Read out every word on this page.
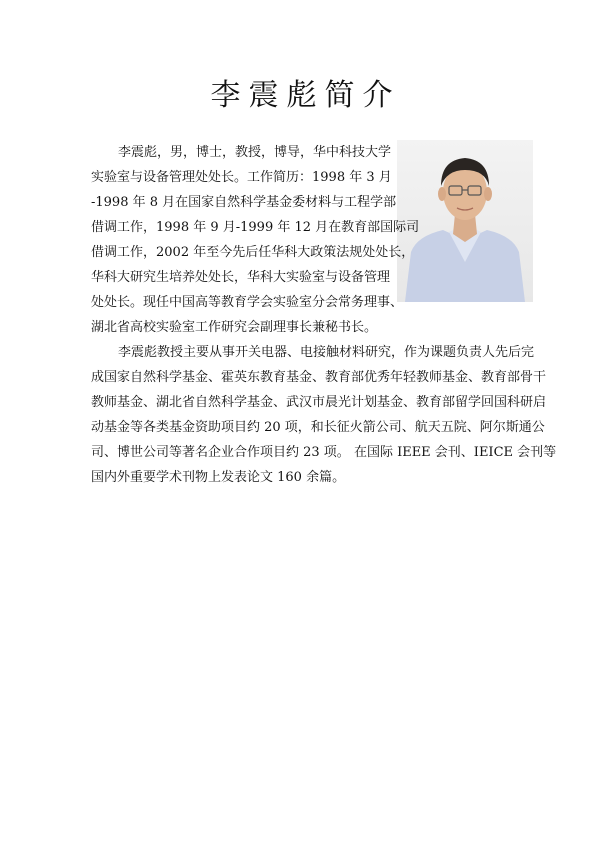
李震彪简介
李震彪，男，博士，教授，博导，华中科技大学
实验室与设备管理处处长。工作简历：1998 年 3 月
-1998 年 8 月在国家自然科学基金委材料与工程学部
借调工作，1998 年 9 月-1999 年 12 月在教育部国际司
借调工作，2002 年至今先后任华科大政策法规处处长，
华科大研究生培养处处长，华科大实验室与设备管理
处处长。现任中国高等教育学会实验室分会常务理事、
湖北省高校实验室工作研究会副理事长兼秘书长。
李震彪教授主要从事开关电器、电接触材料研究，作为课题负责人先后完
成国家自然科学基金、霍英东教育基金、教育部优秀年轻教师基金、教育部骨干
教师基金、湖北省自然科学基金、武汉市晨光计划基金、教育部留学回国科研启
动基金等各类基金资助项目约 20 项，和长征火箭公司、航天五院、阿尔斯通公
司、博世公司等著名企业合作项目约 23 项。 在国际 IEEE 会刊、IEICE 会刊等
国内外重要学术刊物上发表论文 160 余篇。
